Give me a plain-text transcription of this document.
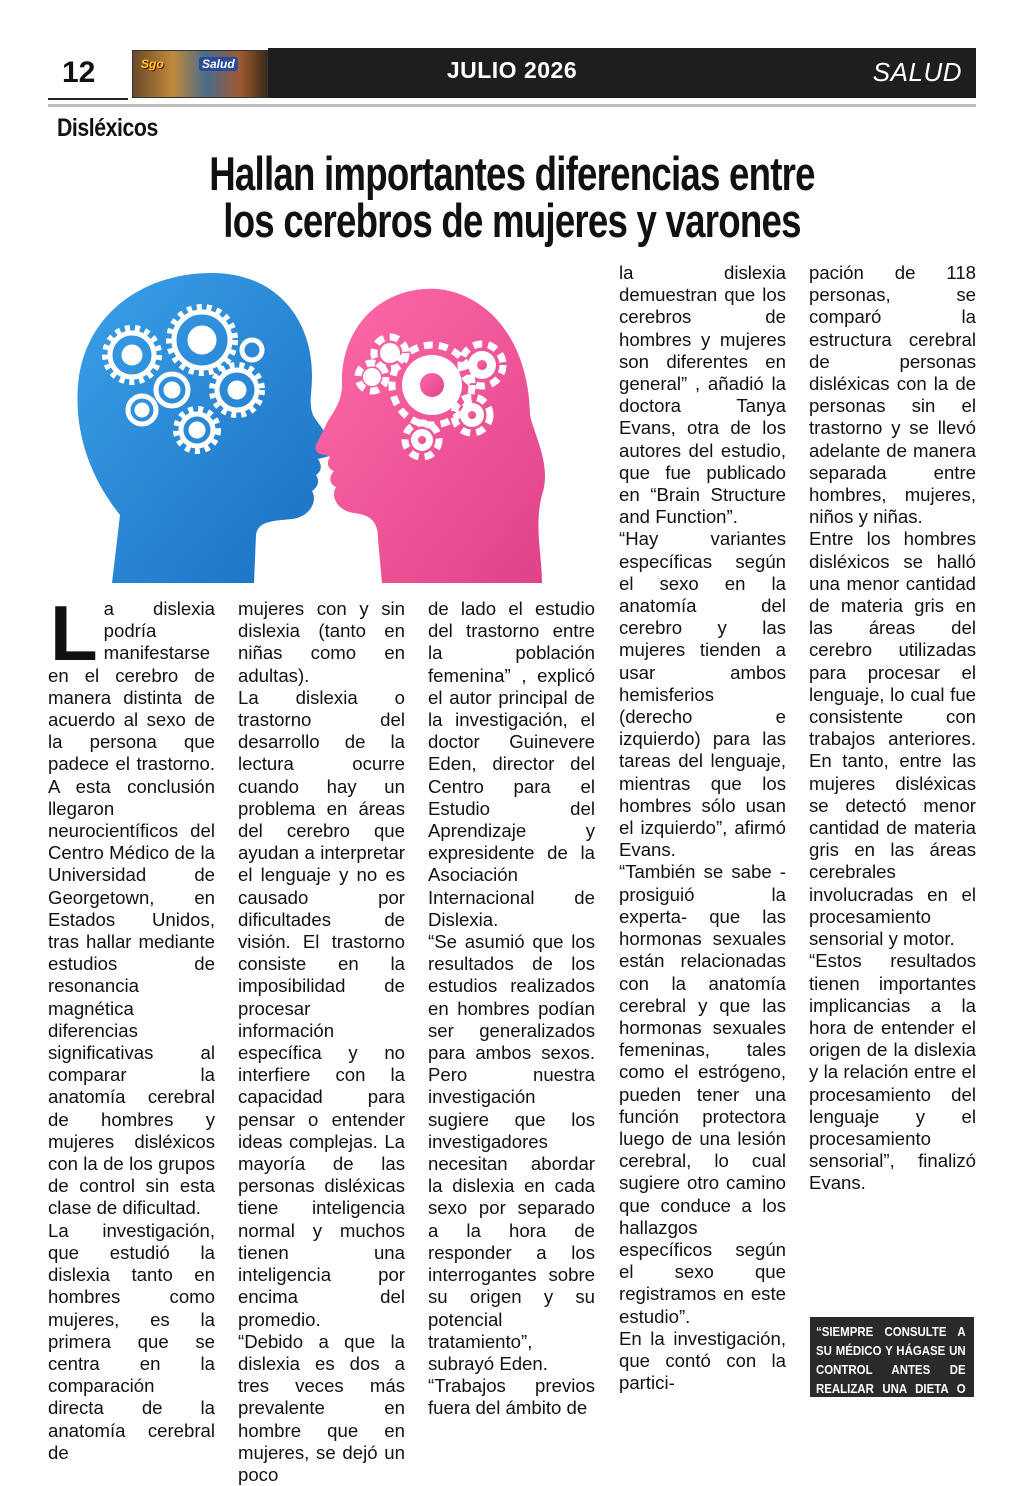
12	Sgo	Salud	JULIO 2026	SALUD
Disléxicos
Hallan importantes diferencias entre
los cerebros de mujeres y varones

La dislexia podría manifestarse en el cerebro de manera distinta de acuerdo al sexo de la persona que padece el trastorno. A esta conclusión llegaron neurocientíficos del Centro Médico de la Universidad de Georgetown, en Estados Unidos, tras hallar mediante estudios de resonancia magnética diferencias significativas al comparar la anatomía cerebral de hombres y mujeres disléxicos con la de los grupos de control sin esta clase de dificultad.

La investigación, que estudió la dislexia tanto en hombres como mujeres, es la primera que se centra en la comparación directa de la anatomía cerebral de

mujeres con y sin dislexia (tanto en niñas como en adultas).

La dislexia o trastorno del desarrollo de la lectura ocurre cuando hay un problema en áreas del cerebro que ayudan a interpretar el lenguaje y no es causado por dificultades de visión. El trastorno consiste en la imposibilidad de procesar información específica y no interfiere con la capacidad para pensar o entender ideas complejas. La mayoría de las personas disléxicas tiene inteligencia normal y muchos tienen una inteligencia por encima del promedio.

“Debido a que la dislexia es dos a tres veces más prevalente en hombre que en mujeres, se dejó un poco

de lado el estudio del trastorno entre la población femenina” , explicó el autor principal de la investigación, el doctor Guinevere Eden, director del Centro para el Estudio del Aprendizaje y expresidente de la Asociación Internacional de Dislexia.

“Se asumió que los resultados de los estudios realizados en hombres podían ser generalizados para ambos sexos. Pero nuestra investigación sugiere que los investigadores necesitan abordar la dislexia en cada sexo por separado a la hora de responder a los interrogantes sobre su origen y su potencial tratamiento”, subrayó Eden.

“Trabajos previos fuera del ámbito de

la dislexia demuestran que los cerebros de hombres y mujeres son diferentes en general” , añadió la doctora Tanya Evans, otra de los autores del estudio, que fue publicado en “Brain Structure and Function”.

“Hay variantes específicas según el sexo en la anatomía del cerebro y las mujeres tienden a usar ambos hemisferios (derecho e izquierdo) para las tareas del lenguaje, mientras que los hombres sólo usan el izquierdo”, afirmó Evans.

“También se sabe -prosiguió la experta- que las hormonas sexuales están relacionadas con la anatomía cerebral y que las hormonas sexuales femeninas, tales como el estrógeno, pueden tener una función protectora luego de una lesión cerebral, lo cual sugiere otro camino que conduce a los hallazgos específicos según el sexo que registramos en este estudio”.

En la investigación, que contó con la partici-

pación de 118 personas, se comparó la estructura cerebral de personas disléxicas con la de personas sin el trastorno y se llevó adelante de manera separada entre hombres, mujeres, niños y niñas.

Entre los hombres disléxicos se halló una menor cantidad de materia gris en las áreas del cerebro utilizadas para procesar el lenguaje, lo cual fue consistente con trabajos anteriores. En tanto, entre las mujeres disléxicas se detectó menor cantidad de materia gris en las áreas cerebrales involucradas en el procesamiento sensorial y motor.

“Estos resultados tienen importantes implicancias a la hora de entender el origen de la dislexia y la relación entre el procesamiento del lenguaje y el procesamiento sensorial”, finalizó Evans.

“SIEMPRE CONSULTE A SU MÉDICO Y HÁGASE UN CONTROL ANTES DE REALIZAR UNA DIETA O ACTIVIDAD FÍSICA”
